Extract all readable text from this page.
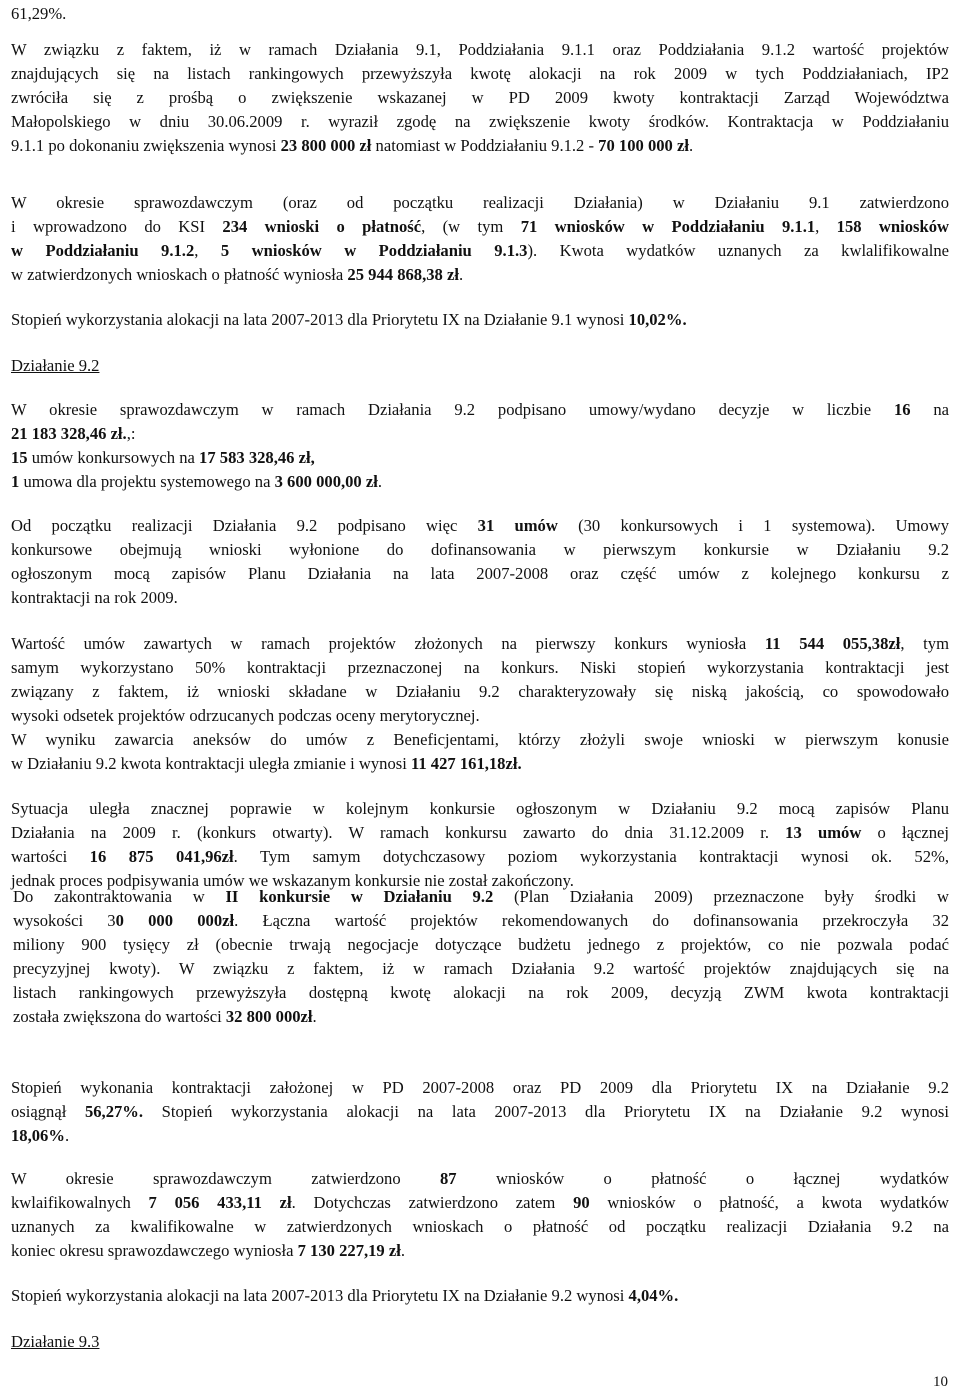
61,29%.
W związku z faktem, iż w ramach Działania 9.1, Poddziałania 9.1.1 oraz Poddziałania 9.1.2 wartość projektów
znajdujących się na listach rankingowych przewyższyła kwotę alokacji na rok 2009 w tych Poddziałaniach, IP2
zwróciła się z prośbą o zwiększenie wskazanej w PD 2009 kwoty kontraktacji Zarząd Województwa
Małopolskiego w dniu 30.06.2009 r. wyraził zgodę na zwiększenie kwoty środków. Kontraktacja w Poddziałaniu
9.1.1 po dokonaniu zwiększenia wynosi 23 800 000 zł natomiast w Poddziałaniu 9.1.2 - 70 100 000 zł.
W okresie sprawozdawczym (oraz od początku realizacji Działania) w Działaniu 9.1 zatwierdzono
i wprowadzono do KSI 234 wnioski o płatność, (w tym 71 wniosków w Poddziałaniu 9.1.1, 158 wniosków
w Poddziałaniu 9.1.2, 5 wniosków w Poddziałaniu 9.1.3). Kwota wydatków uznanych za kwlalifikowalne
w zatwierdzonych wnioskach o płatność wyniosła 25 944 868,38 zł.
Stopień wykorzystania alokacji na lata 2007-2013 dla Priorytetu IX na Działanie 9.1 wynosi 10,02%.
Działanie 9.2
W okresie sprawozdawczym w ramach Działania 9.2 podpisano umowy/wydano decyzje w liczbie 16 na
21 183 328,46 zł.,:
15 umów konkursowych na 17 583 328,46 zł,
1 umowa dla projektu systemowego na 3 600 000,00 zł.
Od początku realizacji Działania 9.2 podpisano więc 31 umów (30 konkursowych i 1 systemowa). Umowy
konkursowe obejmują wnioski wyłonione do dofinansowania w pierwszym konkursie w Działaniu 9.2
ogłoszonym mocą zapisów Planu Działania na lata 2007-2008 oraz część umów z kolejnego konkursu z
kontraktacji na rok 2009.
Wartość umów zawartych w ramach projektów złożonych na pierwszy konkurs wyniosła 11 544 055,38zł, tym
samym wykorzystano 50% kontraktacji przeznaczonej na konkurs. Niski stopień wykorzystania kontraktacji jest
związany z faktem, iż wnioski składane w Działaniu 9.2 charakteryzowały się niską jakością, co spowodowało
wysoki odsetek projektów odrzucanych podczas oceny merytorycznej.
W wyniku zawarcia aneksów do umów z Beneficjentami, którzy złożyli swoje wnioski w pierwszym konusie
w Działaniu 9.2 kwota kontraktacji uległa zmianie i wynosi 11 427 161,18zł.
Sytuacja uległa znacznej poprawie w kolejnym konkursie ogłoszonym w Działaniu 9.2 mocą zapisów Planu
Działania na 2009 r. (konkurs otwarty). W ramach konkursu zawarto do dnia 31.12.2009 r. 13 umów o łącznej
wartości 16 875 041,96zł. Tym samym dotychczasowy poziom wykorzystania kontraktacji wynosi ok. 52%,
jednak proces podpisywania umów we wskazanym konkursie nie został zakończony.
Do zakontraktowania w II konkursie w Działaniu 9.2 (Plan Działania 2009) przeznaczone były środki w
wysokości 30 000 000zł. Łączna wartość projektów rekomendowanych do dofinansowania przekroczyła 32
miliony 900 tysięcy zł (obecnie trwają negocjacje dotyczące budżetu jednego z projektów, co nie pozwala podać
precyzyjnej kwoty). W związku z faktem, iż w ramach Działania 9.2 wartość projektów znajdujących się na
listach rankingowych przewyższyła dostępną kwotę alokacji na rok 2009, decyzją ZWM kwota kontraktacji
została zwiększona do wartości 32 800 000zł.
Stopień wykonania kontraktacji założonej w PD 2007-2008 oraz PD 2009 dla Priorytetu IX na Działanie 9.2
osiągnął 56,27%. Stopień wykorzystania alokacji na lata 2007-2013 dla Priorytetu IX na Działanie 9.2 wynosi
18,06%.
W okresie sprawozdawczym zatwierdzono 87 wniosków o płatność o łącznej wydatków
kwlaifikowalnych 7 056 433,11 zł. Dotychczas zatwierdzono zatem 90 wniosków o płatność, a kwota wydatków
uznanych za kwalifikowalne w zatwierdzonych wnioskach o płatność od początku realizacji Działania 9.2 na
koniec okresu sprawozdawczego wyniosła 7 130 227,19 zł.
Stopień wykorzystania alokacji na lata 2007-2013 dla Priorytetu IX na Działanie 9.2 wynosi 4,04%.
Działanie 9.3
10
